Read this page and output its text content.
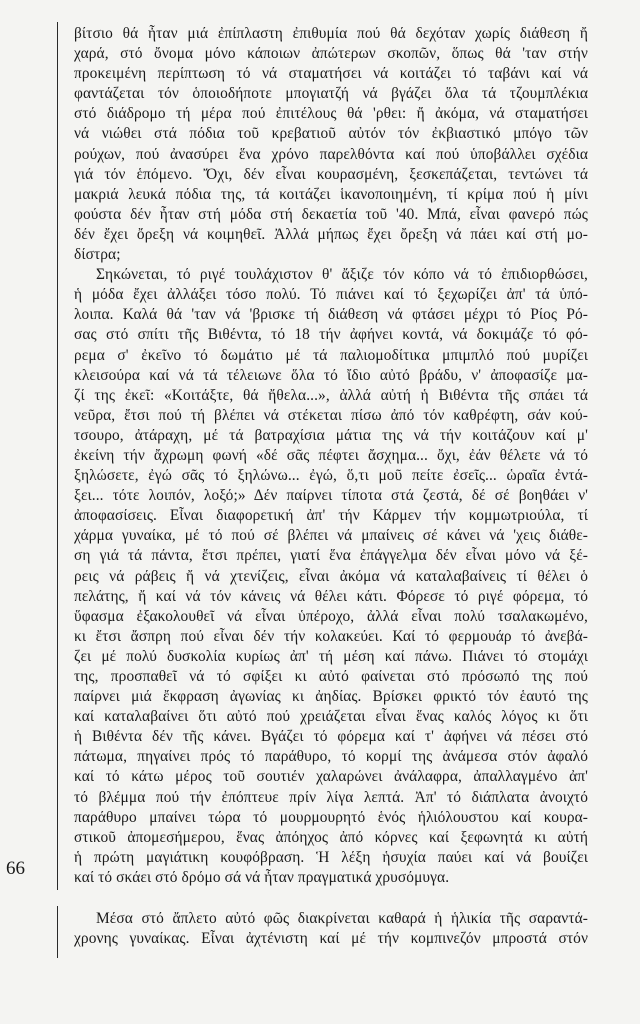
66
βίτσιο θά ἦταν μιά ἐπίπλαστη ἐπιθυμία πού θά δεχόταν χωρίς διάθεση ἤ
χαρά, στό ὄνομα μόνο κάποιων ἀπώτερων σκοπῶν, ὅπως θά 'ταν στήν
προκειμένη περίπτωση τό νά σταματήσει νά κοιτάζει τό ταβάνι καί νά
φαντάζεται τόν ὁποιοδήποτε μπογιατζή νά βγάζει ὅλα τά τζουμπλέκια
στό διάδρομο τή μέρα πού ἐπιτέλους θά 'ρθει: ἤ ἀκόμα, νά σταματήσει
νά νιώθει στά πόδια τοῦ κρεβατιοῦ αὐτόν τόν ἐκβιαστικό μπόγο τῶν
ρούχων, πού ἀνασύρει ἕνα χρόνο παρελθόντα καί πού ὑποβάλλει σχέδια
γιά τόν ἑπόμενο. Ὄχι, δέν εἶναι κουρασμένη, ξεσκεπάζεται, τεντώνει τά
μακριά λευκά πόδια της, τά κοιτάζει ἱκανοποιημένη, τί κρίμα πού ἡ μίνι
φούστα δέν ἦταν στή μόδα στή δεκαετία τοῦ '40. Μπά, εἶναι φανερό πώς
δέν ἔχει ὄρεξη νά κοιμηθεῖ. Ἀλλά μήπως ἔχει ὄρεξη νά πάει καί στή μο-
δίστρα;
Σηκώνεται, τό ριγέ τουλάχιστον θ' ἄξιζε τόν κόπο νά τό ἐπιδιορθώσει,
ἡ μόδα ἔχει ἀλλάξει τόσο πολύ. Τό πιάνει καί τό ξεχωρίζει ἀπ' τά ὑπό-
λοιπα. Καλά θά 'ταν νά 'βρισκε τή διάθεση νά φτάσει μέχρι τό Ρίος Ρό-
σας στό σπίτι τῆς Βιθέντα, τό 18 τήν ἀφήνει κοντά, νά δοκιμάζε τό φό-
ρεμα σ' ἐκεῖνο τό δωμάτιο μέ τά παλιομοδίτικα μπιμπλό πού μυρίζει
κλεισούρα καί νά τά τέλειωνε ὅλα τό ἴδιο αὐτό βράδυ, ν' ἀποφασίζε μα-
ζί της ἐκεῖ: «Κοιτάξτε, θά ἤθελα...», ἀλλά αὐτή ἡ Βιθέντα τῆς σπάει τά
νεῦρα, ἔτσι πού τή βλέπει νά στέκεται πίσω ἀπό τόν καθρέφτη, σάν κού-
τσουρο, ἀτάραχη, μέ τά βατραχίσια μάτια της νά τήν κοιτάζουν καί μ'
ἐκείνη τήν ἄχρωμη φωνή «δέ σᾶς πέφτει ἄσχημα... ὄχι, ἐάν θέλετε νά τό
ξηλώσετε, ἐγώ σᾶς τό ξηλώνω... ἐγώ, ὅ,τι μοῦ πείτε ἐσεῖς... ὡραῖα ἐντά-
ξει... τότε λοιπόν, λοξό;» Δέν παίρνει τίποτα στά ζεστά, δέ σέ βοηθάει ν'
ἀποφασίσεις. Εἶναι διαφορετική ἀπ' τήν Κάρμεν τήν κομμωτριούλα, τί
χάρμα γυναίκα, μέ τό πού σέ βλέπει νά μπαίνεις σέ κάνει νά 'χεις διάθε-
ση γιά τά πάντα, ἔτσι πρέπει, γιατί ἕνα ἐπάγγελμα δέν εἶναι μόνο νά ξέ-
ρεις νά ράβεις ἤ νά χτενίζεις, εἶναι ἀκόμα νά καταλαβαίνεις τί θέλει ὁ
πελάτης, ἤ καί νά τόν κάνεις νά θέλει κάτι. Φόρεσε τό ριγέ φόρεμα, τό
ὕφασμα ἐξακολουθεῖ νά εἶναι ὑπέροχο, ἀλλά εἶναι πολύ τσαλακωμένο,
κι ἔτσι ἄσπρη πού εἶναι δέν τήν κολακεύει. Καί τό φερμουάρ τό ἀνεβά-
ζει μέ πολύ δυσκολία κυρίως ἀπ' τή μέση καί πάνω. Πιάνει τό στομάχι
της, προσπαθεῖ νά τό σφίξει κι αὐτό φαίνεται στό πρόσωπό της πού
παίρνει μιά ἔκφραση ἀγωνίας κι ἀηδίας. Βρίσκει φρικτό τόν ἑαυτό της
καί καταλαβαίνει ὅτι αὐτό πού χρειάζεται εἶναι ἕνας καλός λόγος κι ὅτι
ἡ Βιθέντα δέν τῆς κάνει. Βγάζει τό φόρεμα καί τ' ἀφήνει νά πέσει στό
πάτωμα, πηγαίνει πρός τό παράθυρο, τό κορμί της ἀνάμεσα στόν ἀφαλό
καί τό κάτω μέρος τοῦ σουτιέν χαλαρώνει ἀνάλαφρα, ἀπαλλαγμένο ἀπ'
τό βλέμμα πού τήν ἐπόπτευε πρίν λίγα λεπτά. Ἀπ' τό διάπλατα ἀνοιχτό
παράθυρο μπαίνει τώρα τό μουρμουρητό ἑνός ἡλιόλουστου καί κουρα-
στικοῦ ἀπομεσήμερου, ἕνας ἀπόηχος ἀπό κόρνες καί ξεφωνητά κι αὐτή
ἡ πρώτη μαγιάτικη κουφόβραση. Ἡ λέξη ἡσυχία παύει καί νά βουίζει
καί τό σκάει στό δρόμο σά νά ἦταν πραγματικά χρυσόμυγα.
Μέσα στό ἄπλετο αὐτό φῶς διακρίνεται καθαρά ἡ ἡλικία τῆς σαραντά-
χρονης γυναίκας. Εἶναι ἀχτένιστη καί μέ τήν κομπινεζόν μπροστά στόν
